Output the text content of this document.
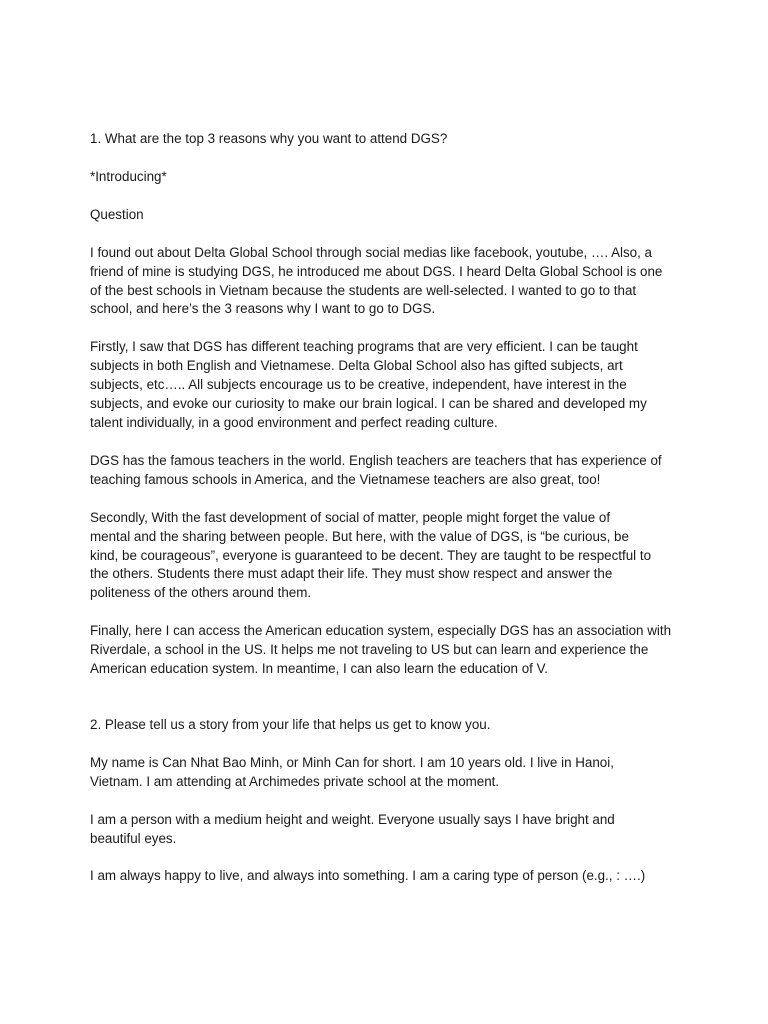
1. What are the top 3 reasons why you want to attend DGS?

*Introducing*

Question

I found out about Delta Global School through social medias like facebook, youtube, …. Also, a
friend of mine is studying DGS, he introduced me about DGS. I heard Delta Global School is one
of the best schools in Vietnam because the students are well-selected. I wanted to go to that
school, and here’s the 3 reasons why I want to go to DGS.

Firstly, I saw that DGS has different teaching programs that are very efficient. I can be taught
subjects in both English and Vietnamese. Delta Global School also has gifted subjects, art
subjects, etc….. All subjects encourage us to be creative, independent, have interest in the
subjects, and evoke our curiosity to make our brain logical. I can be shared and developed my
talent individually, in a good environment and perfect reading culture.

DGS has the famous teachers in the world. English teachers are teachers that has experience of
teaching famous schools in America, and the Vietnamese teachers are also great, too!

Secondly, With the fast development of social of matter, people might forget the value of
mental and the sharing between people. But here, with the value of DGS, is “be curious, be
kind, be courageous”, everyone is guaranteed to be decent. They are taught to be respectful to
the others. Students there must adapt their life. They must show respect and answer the
politeness of the others around them.

Finally, here I can access the American education system, especially DGS has an association with
Riverdale, a school in the US. It helps me not traveling to US but can learn and experience the
American education system. In meantime, I can also learn the education of V.

2. Please tell us a story from your life that helps us get to know you.

My name is Can Nhat Bao Minh, or Minh Can for short. I am 10 years old. I live in Hanoi,
Vietnam. I am attending at Archimedes private school at the moment.

I am a person with a medium height and weight. Everyone usually says I have bright and
beautiful eyes.

I am always happy to live, and always into something. I am a caring type of person (e.g., : ….)
